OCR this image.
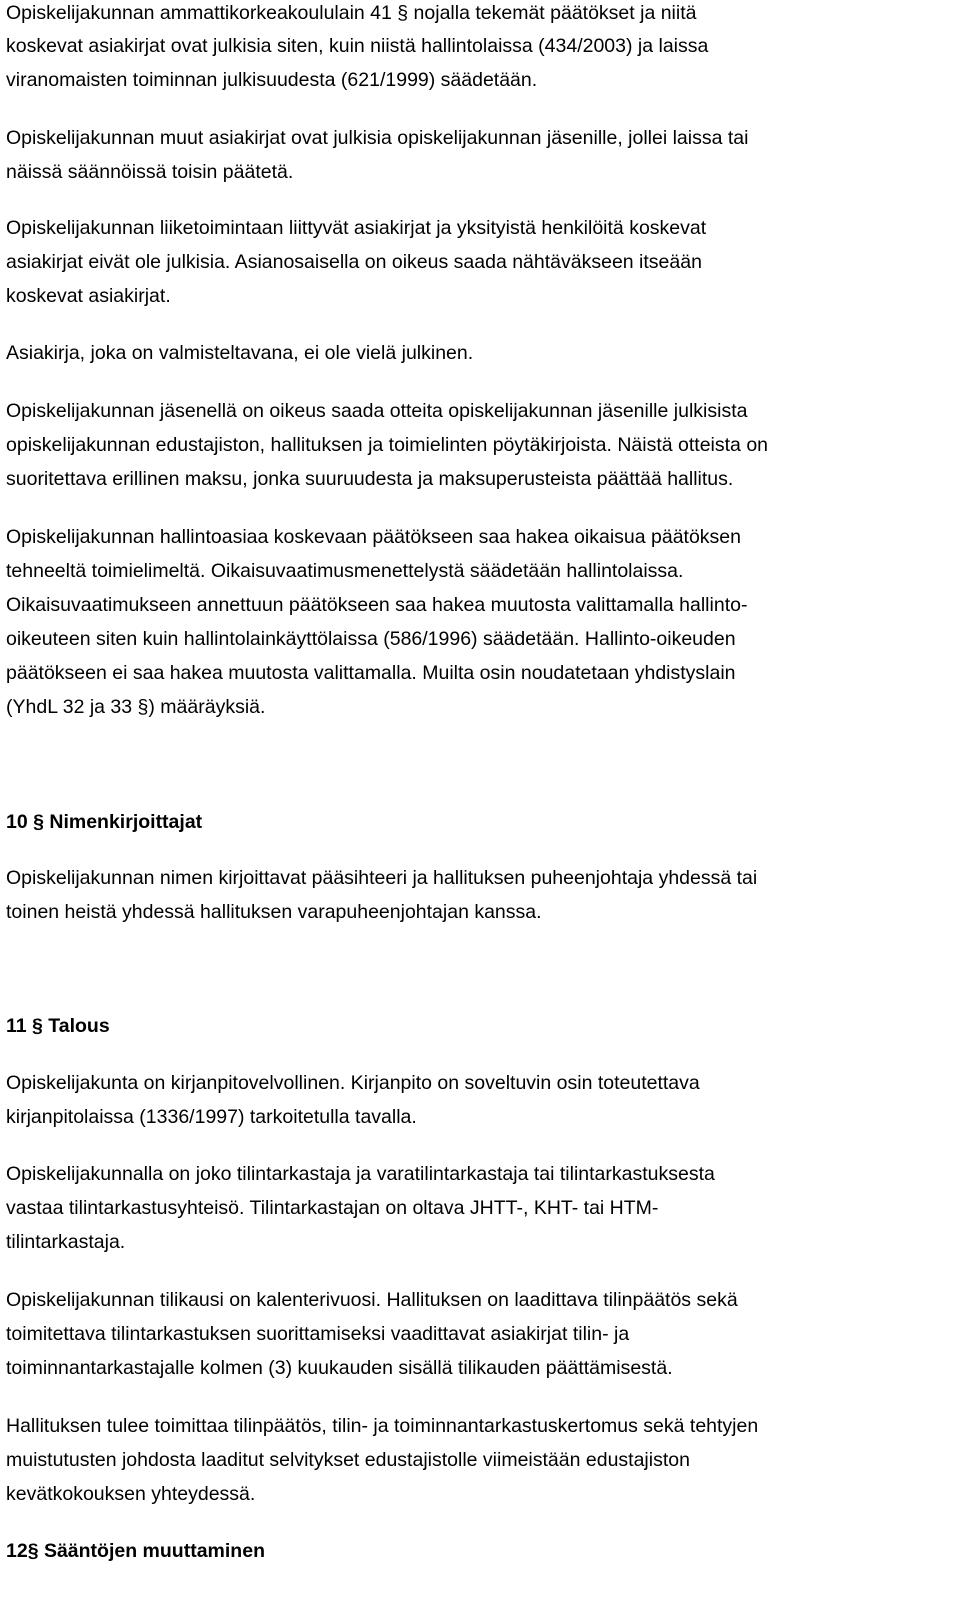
Opiskelijakunnan ammattikorkeakoululain 41 § nojalla tekemät päätökset ja niitä
koskevat asiakirjat ovat julkisia siten, kuin niistä hallintolaissa (434/2003) ja laissa
viranomaisten toiminnan julkisuudesta (621/1999) säädetään.
Opiskelijakunnan muut asiakirjat ovat julkisia opiskelijakunnan jäsenille, jollei laissa tai
näissä säännöissä toisin päätetä.
Opiskelijakunnan liiketoimintaan liittyvät asiakirjat ja yksityistä henkilöitä koskevat
asiakirjat eivät ole julkisia. Asianosaisella on oikeus saada nähtäväkseen itseään
koskevat asiakirjat.
Asiakirja, joka on valmisteltavana, ei ole vielä julkinen.
Opiskelijakunnan jäsenellä on oikeus saada otteita opiskelijakunnan jäsenille julkisista
opiskelijakunnan edustajiston, hallituksen ja toimielinten pöytäkirjoista. Näistä otteista on
suoritettava erillinen maksu, jonka suuruudesta ja maksuperusteista päättää hallitus.
Opiskelijakunnan hallintoasiaa koskevaan päätökseen saa hakea oikaisua päätöksen
tehneeltä toimielimeltä. Oikaisuvaatimusmenettelystä säädetään hallintolaissa.
Oikaisuvaatimukseen annettuun päätökseen saa hakea muutosta valittamalla hallinto-
oikeuteen siten kuin hallintolainkäyttölaissa (586/1996) säädetään. Hallinto-oikeuden
päätökseen ei saa hakea muutosta valittamalla. Muilta osin noudatetaan yhdistyslain
(YhdL 32 ja 33 §) määräyksiä.
10 § Nimenkirjoittajat
Opiskelijakunnan nimen kirjoittavat pääsihteeri ja hallituksen puheenjohtaja yhdessä tai
toinen heistä yhdessä hallituksen varapuheenjohtajan kanssa.
11 § Talous
Opiskelijakunta on kirjanpitovelvollinen. Kirjanpito on soveltuvin osin toteutettava
kirjanpitolaissa (1336/1997) tarkoitetulla tavalla.
Opiskelijakunnalla on joko tilintarkastaja ja varatilintarkastaja tai tilintarkastuksesta
vastaa tilintarkastusyhteisö. Tilintarkastajan on oltava JHTT-, KHT- tai HTM-
tilintarkastaja.
Opiskelijakunnan tilikausi on kalenterivuosi. Hallituksen on laadittava tilinpäätös sekä
toimitettava tilintarkastuksen suorittamiseksi vaadittavat asiakirjat tilin- ja
toiminnantarkastajalle kolmen (3) kuukauden sisällä tilikauden päättämisestä.
Hallituksen tulee toimittaa tilinpäätös, tilin- ja toiminnantarkastuskertomus sekä tehtyjen
muistutusten johdosta laaditut selvitykset edustajistolle viimeistään edustajiston
kevätkokouksen yhteydessä.
12§ Sääntöjen muuttaminen
